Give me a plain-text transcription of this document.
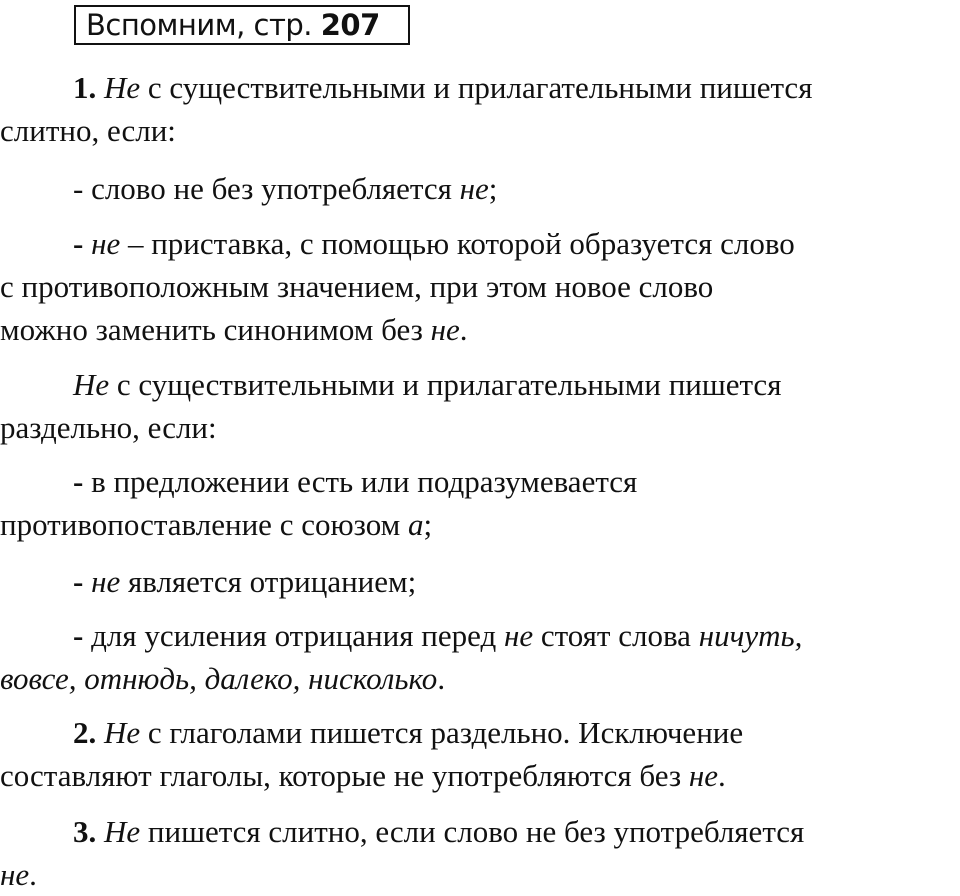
Вспомним, стр. 207
1. Не с существительными и прилагательными пишется
слитно, если:
- слово не без употребляется не;
- не – приставка, с помощью которой образуется слово
с противоположным значением, при этом новое слово
можно заменить синонимом без не.
Не с существительными и прилагательными пишется
раздельно, если:
- в предложении есть или подразумевается
противопоставление с союзом а;
- не является отрицанием;
- для усиления отрицания перед не стоят слова ничуть,
вовсе, отнюдь, далеко, нисколько.
2. Не с глаголами пишется раздельно. Исключение
составляют глаголы, которые не употребляются без не.
3. Не пишется слитно, если слово не без употребляется
не.
